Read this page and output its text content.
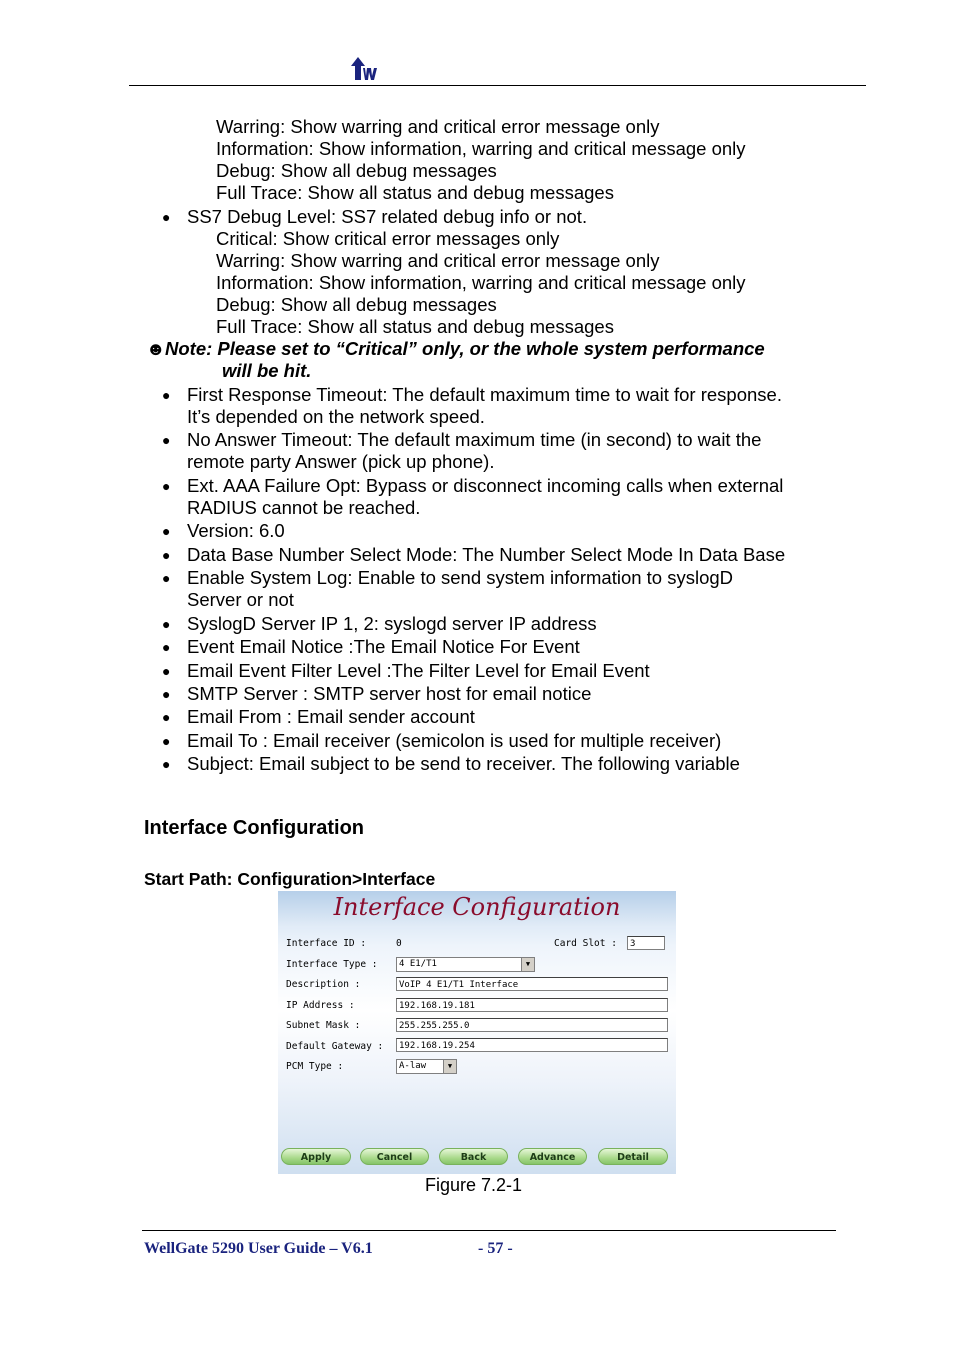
Warring: Show warring and critical error message only
Information: Show information, warring and critical message only
Debug: Show all debug messages
Full Trace: Show all status and debug messages
● SS7 Debug Level: SS7 related debug info or not.
Critical: Show critical error messages only
Warring: Show warring and critical error message only
Information: Show information, warring and critical message only
Debug: Show all debug messages
Full Trace: Show all status and debug messages
☻ Note: Please set to “Critical” only, or the whole system performance
will be hit.
● First Response Timeout: The default maximum time to wait for response.
It’s depended on the network speed.
● No Answer Timeout: The default maximum time (in second) to wait the
remote party Answer (pick up phone).
● Ext. AAA Failure Opt: Bypass or disconnect incoming calls when external
RADIUS cannot be reached.
● Version: 6.0
● Data Base Number Select Mode: The Number Select Mode In Data Base
● Enable System Log: Enable to send system information to syslogD
Server or not
● SyslogD Server IP 1, 2: syslogd server IP address
● Event Email Notice :The Email Notice For Event
● Email Event Filter Level :The Filter Level for Email Event
● SMTP Server : SMTP server host for email notice
● Email From : Email sender account
● Email To : Email receiver (semicolon is used for multiple receiver)
● Subject: Email subject to be send to receiver. The following variable
Interface Configuration
Start Path: Configuration>Interface
Interface Configuration
Interface ID :	0	Card Slot :	3
Interface Type :	4 E1/T1	▼
Description :	VoIP 4 E1/T1 Interface
IP Address :	192.168.19.181
Subnet Mask :	255.255.255.0
Default Gateway :	192.168.19.254
PCM Type :	A-law	▼
Apply	Cancel	Back	Advance	Detail
Figure 7.2-1
WellGate 5290 User Guide – V6.1	- 57 -
